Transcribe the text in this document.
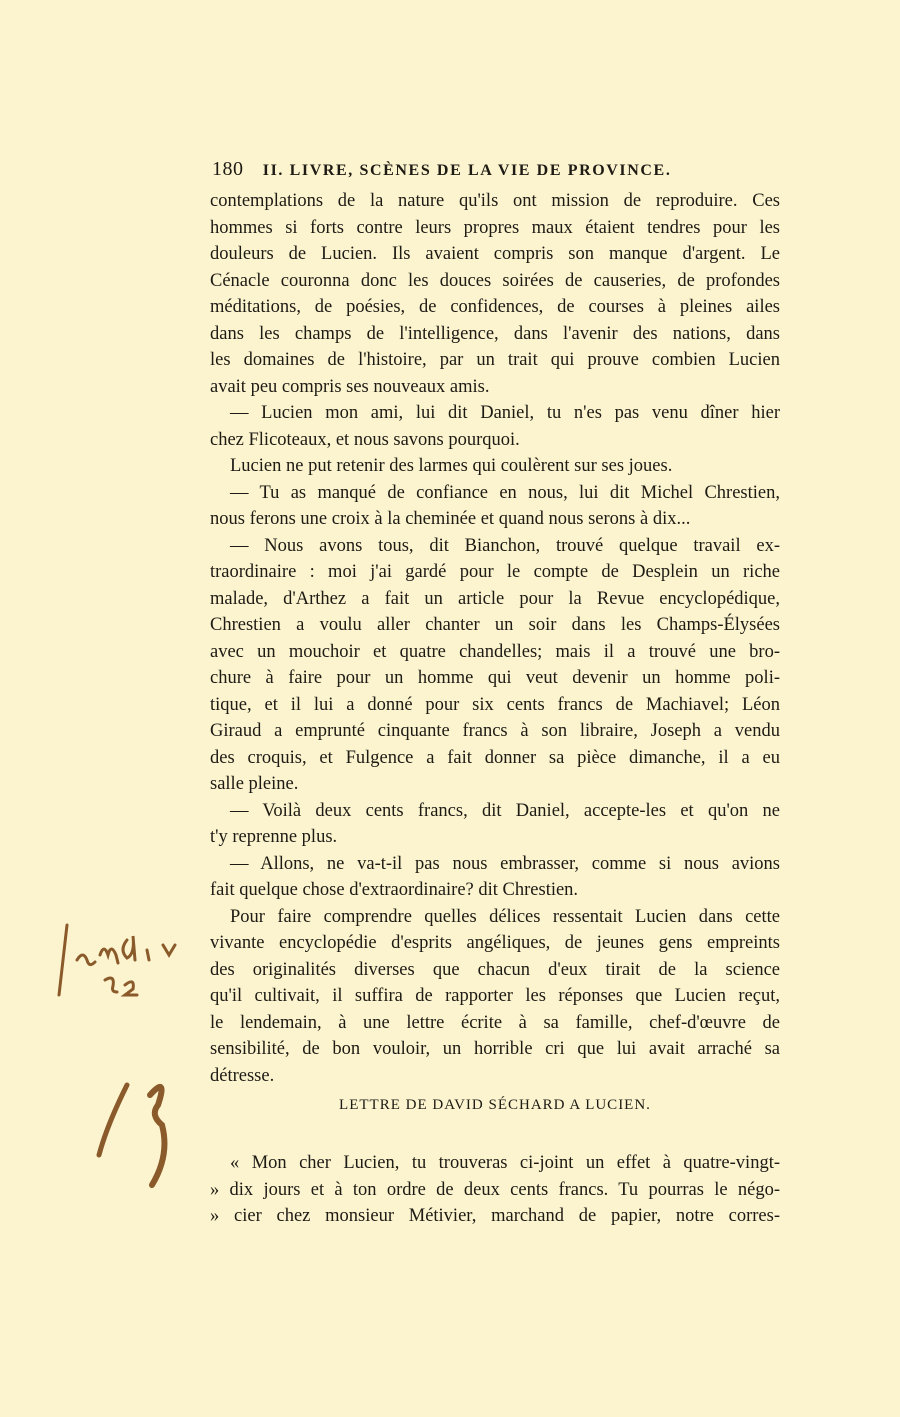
180 II. LIVRE, SCÈNES DE LA VIE DE PROVINCE.
contemplations de la nature qu'ils ont mission de reproduire. Ces
hommes si forts contre leurs propres maux étaient tendres pour les
douleurs de Lucien. Ils avaient compris son manque d'argent. Le
Cénacle couronna donc les douces soirées de causeries, de profondes
méditations, de poésies, de confidences, de courses à pleines ailes
dans les champs de l'intelligence, dans l'avenir des nations, dans
les domaines de l'histoire, par un trait qui prouve combien Lucien
avait peu compris ses nouveaux amis.
— Lucien mon ami, lui dit Daniel, tu n'es pas venu dîner hier
chez Flicoteaux, et nous savons pourquoi.
Lucien ne put retenir des larmes qui coulèrent sur ses joues.
— Tu as manqué de confiance en nous, lui dit Michel Chrestien,
nous ferons une croix à la cheminée et quand nous serons à dix...
— Nous avons tous, dit Bianchon, trouvé quelque travail ex-
traordinaire : moi j'ai gardé pour le compte de Desplein un riche
malade, d'Arthez a fait un article pour la Revue encyclopédique,
Chrestien a voulu aller chanter un soir dans les Champs-Élysées
avec un mouchoir et quatre chandelles; mais il a trouvé une bro-
chure à faire pour un homme qui veut devenir un homme poli-
tique, et il lui a donné pour six cents francs de Machiavel; Léon
Giraud a emprunté cinquante francs à son libraire, Joseph a vendu
des croquis, et Fulgence a fait donner sa pièce dimanche, il a eu
salle pleine.
— Voilà deux cents francs, dit Daniel, accepte-les et qu'on ne
t'y reprenne plus.
— Allons, ne va-t-il pas nous embrasser, comme si nous avions
fait quelque chose d'extraordinaire? dit Chrestien.
Pour faire comprendre quelles délices ressentait Lucien dans cette
vivante encyclopédie d'esprits angéliques, de jeunes gens empreints
des originalités diverses que chacun d'eux tirait de la science
qu'il cultivait, il suffira de rapporter les réponses que Lucien reçut,
le lendemain, à une lettre écrite à sa famille, chef-d'œuvre de
sensibilité, de bon vouloir, un horrible cri que lui avait arraché sa
détresse.
LETTRE DE DAVID SÉCHARD A LUCIEN.
« Mon cher Lucien, tu trouveras ci-joint un effet à quatre-vingt-
» dix jours et à ton ordre de deux cents francs. Tu pourras le négo-
» cier chez monsieur Métivier, marchand de papier, notre corres-
